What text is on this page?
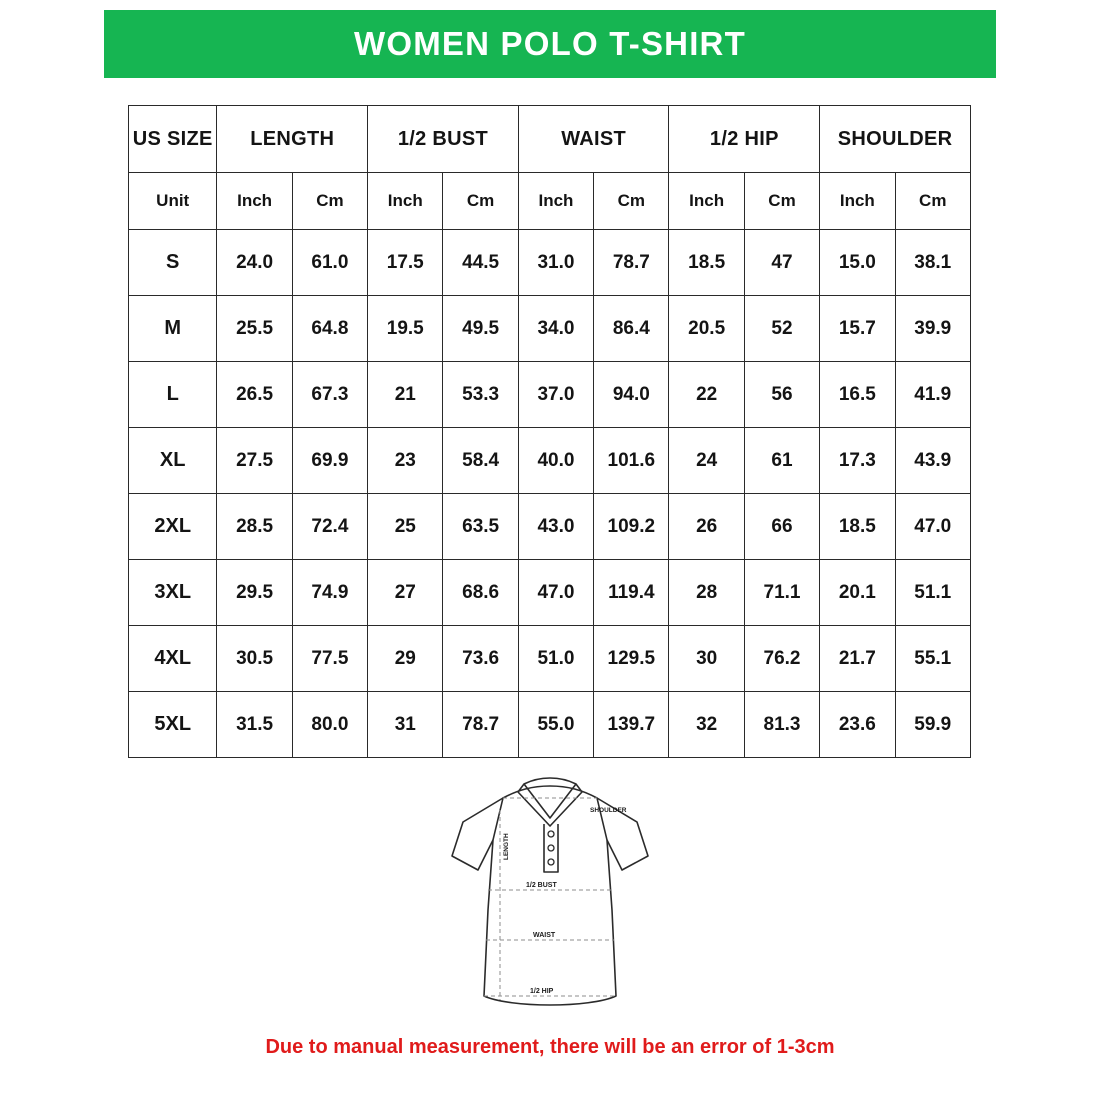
WOMEN POLO T-SHIRT
US SIZE	LENGTH		1/2 BUST		WAIST		1/2 HIP		SHOULDER	
Unit	Inch	Cm	Inch	Cm	Inch	Cm	Inch	Cm	Inch	Cm
S	24.0	61.0	17.5	44.5	31.0	78.7	18.5	47	15.0	38.1
M	25.5	64.8	19.5	49.5	34.0	86.4	20.5	52	15.7	39.9
L	26.5	67.3	21	53.3	37.0	94.0	22	56	16.5	41.9
XL	27.5	69.9	23	58.4	40.0	101.6	24	61	17.3	43.9
2XL	28.5	72.4	25	63.5	43.0	109.2	26	66	18.5	47.0
3XL	29.5	74.9	27	68.6	47.0	119.4	28	71.1	20.1	51.1
4XL	30.5	77.5	29	73.6	51.0	129.5	30	76.2	21.7	55.1
5XL	31.5	80.0	31	78.7	55.0	139.7	32	81.3	23.6	59.9
SHOULDER
LENGTH
1/2 BUST
WAIST
1/2 HIP
Due to manual measurement, there will be an error of 1-3cm
